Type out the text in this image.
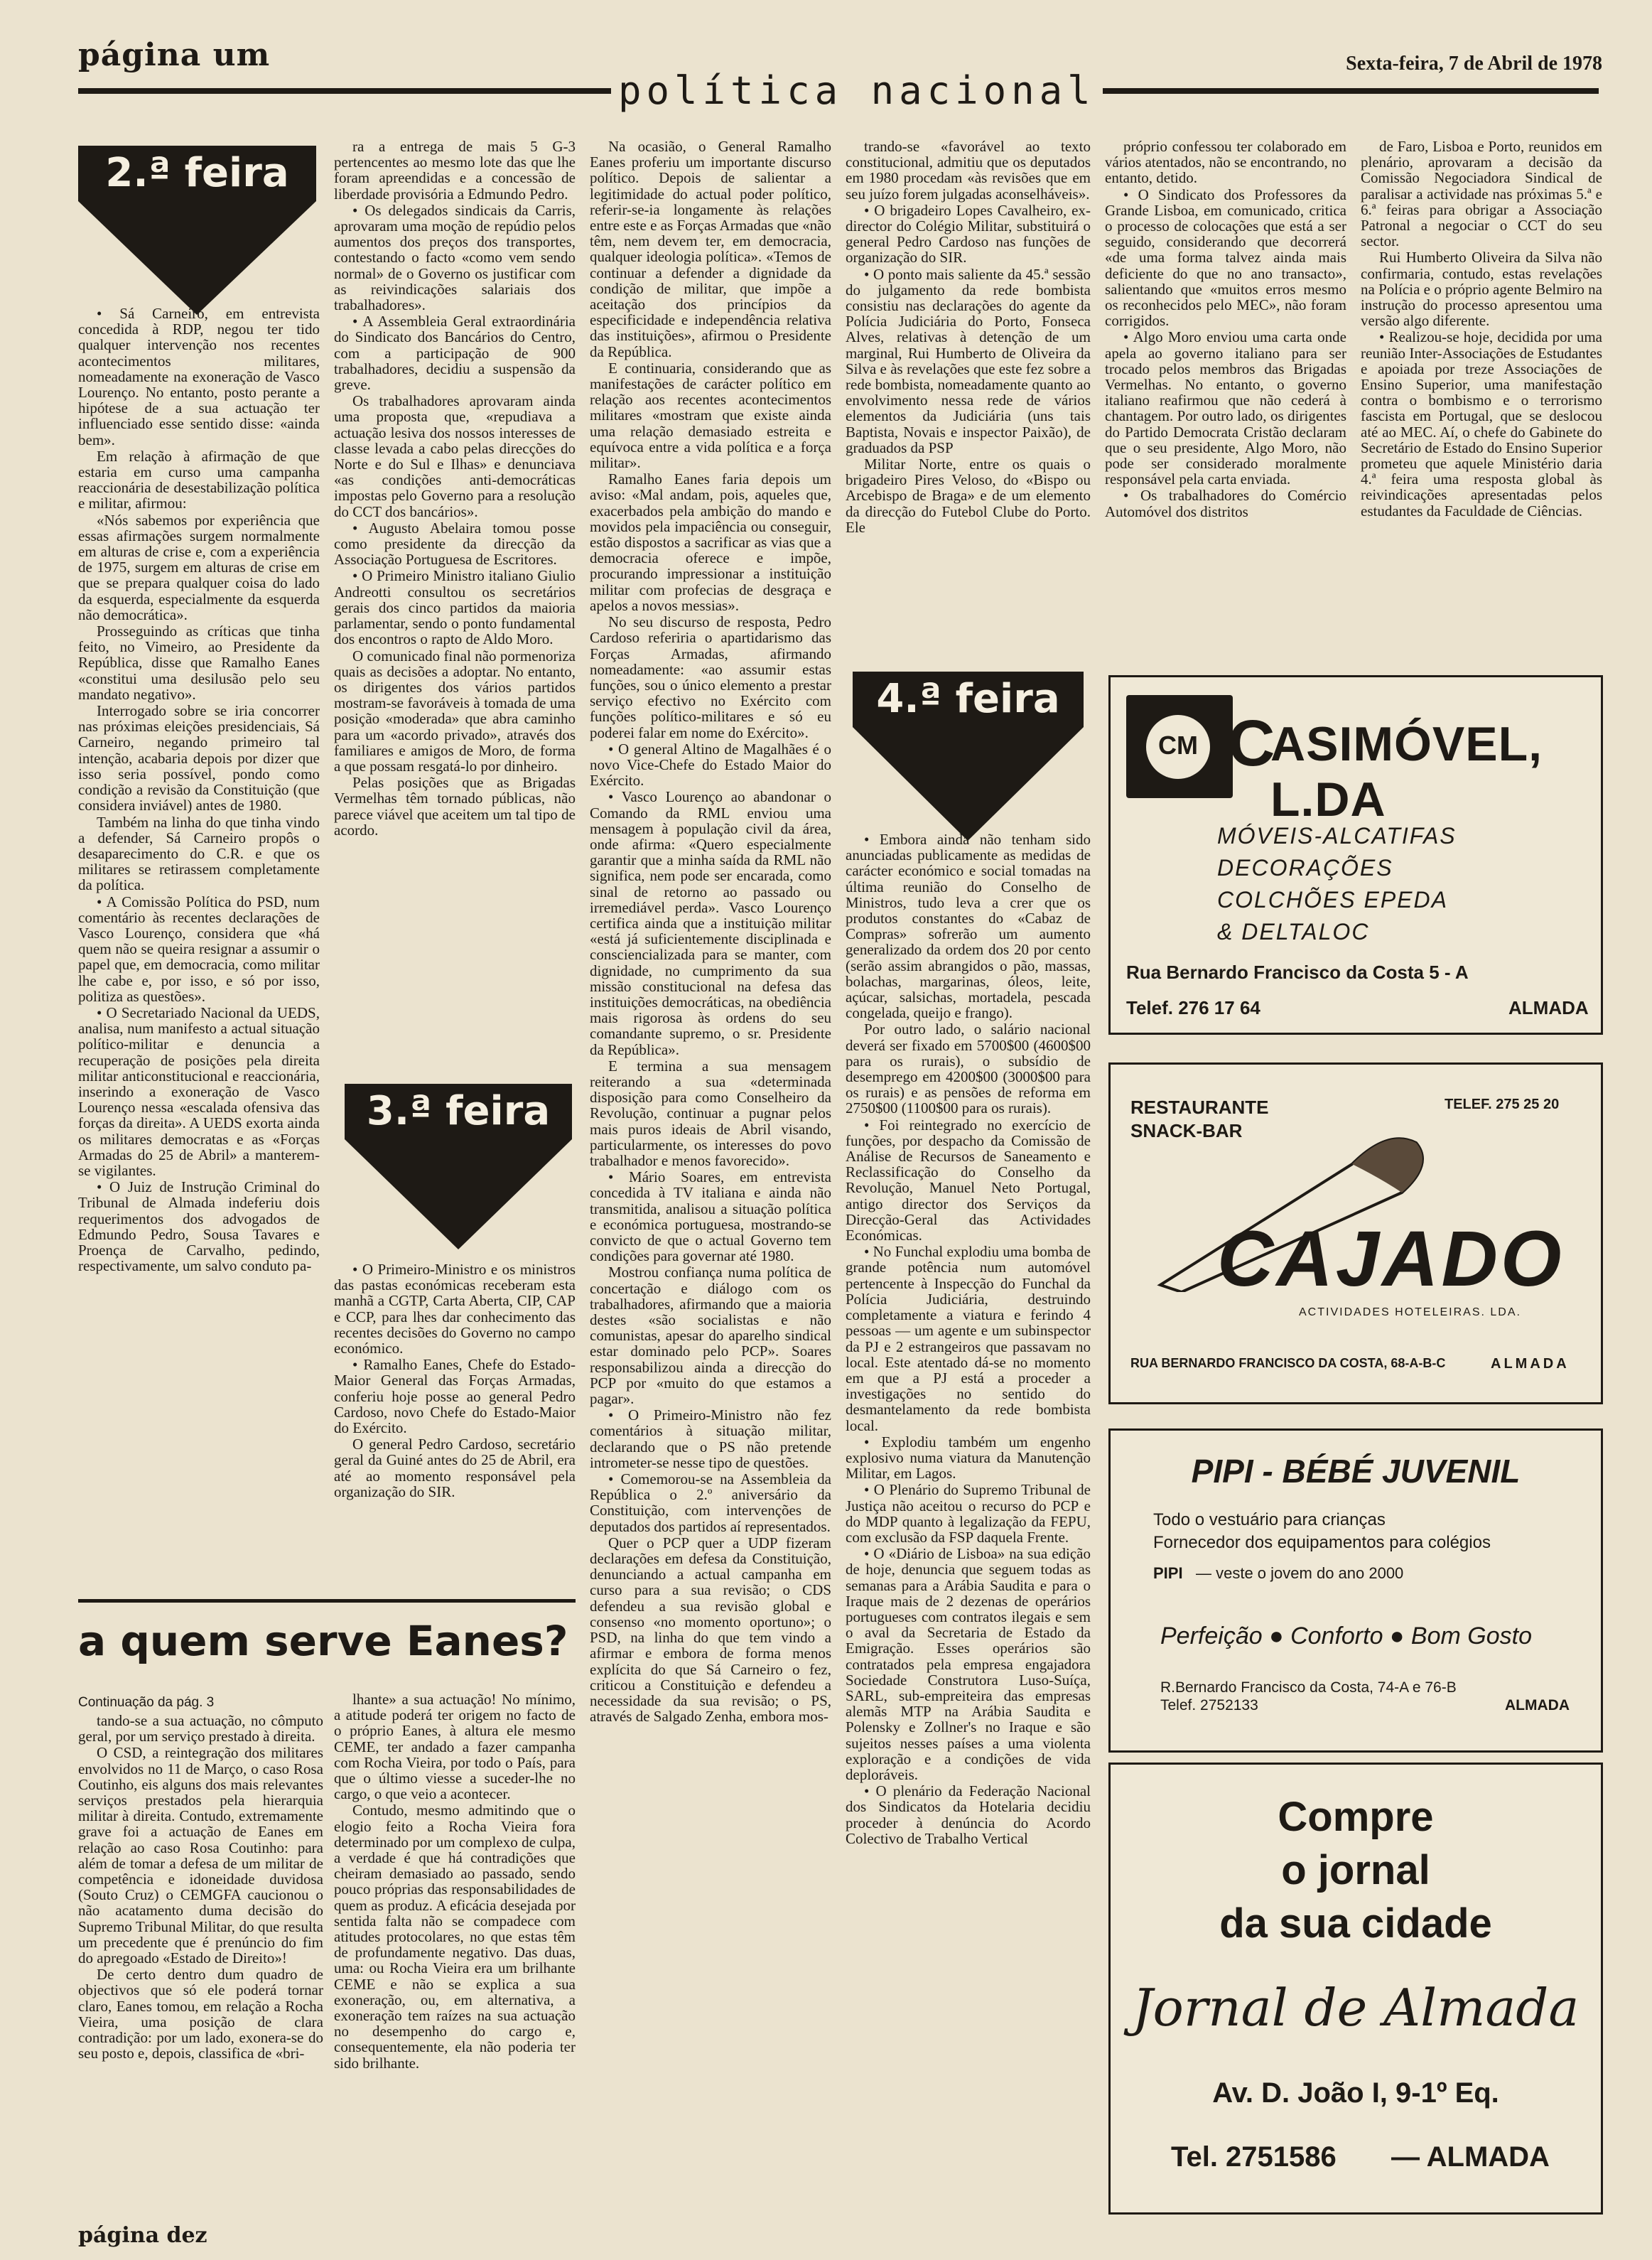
página um	Sexta-feira, 7 de Abril de 1978
política nacional
2.ª feira

• Sá Carneiro, em entrevista concedida à RDP, negou ter tido qualquer intervenção nos recentes acontecimentos militares, nomeadamente na exoneração de Vasco Lourenço. No entanto, posto perante a hipótese de a sua actuação ter influenciado esse sentido disse: «ainda bem».

Em relação à afirmação de que estaria em curso uma campanha reaccionária de desestabilização política e militar, afirmou:

«Nós sabemos por experiência que essas afirmações surgem normalmente em alturas de crise e, com a experiência de 1975, surgem em alturas de crise em que se prepara qualquer coisa do lado da esquerda, especialmente da esquerda não democrática».

Prosseguindo as críticas que tinha feito, no Vimeiro, ao Presidente da República, disse que Ramalho Eanes «constitui uma desilusão pelo seu mandato negativo».

Interrogado sobre se iria concorrer nas próximas eleições presidenciais, Sá Carneiro, negando primeiro tal intenção, acabaria depois por dizer que isso seria possível, pondo como condição a revisão da Constituição (que considera inviável) antes de 1980.

Também na linha do que tinha vindo a defender, Sá Carneiro propôs o desaparecimento do C.R. e que os militares se retirassem completamente da política.

• A Comissão Política do PSD, num comentário às recentes declarações de Vasco Lourenço, considera que «há quem não se queira resignar a assumir o papel que, em democracia, como militar lhe cabe e, por isso, e só por isso, politiza as questões».

• O Secretariado Nacional da UEDS, analisa, num manifesto a actual situação político-militar e denuncia a recuperação de posições pela direita militar anticonstitucional e reaccionária, inserindo a exoneração de Vasco Lourenço nessa «escalada ofensiva das forças da direita». A UEDS exorta ainda os militares democratas e as «Forças Armadas do 25 de Abril» a manterem-se vigilantes.

• O Juiz de Instrução Criminal do Tribunal de Almada indeferiu dois requerimentos dos advogados de Edmundo Pedro, Sousa Tavares e Proença de Carvalho, pedindo, respectivamente, um salvo conduto pa-

ra a entrega de mais 5 G-3 pertencentes ao mesmo lote das que lhe foram apreendidas e a concessão de liberdade provisória a Edmundo Pedro.

• Os delegados sindicais da Carris, aprovaram uma moção de repúdio pelos aumentos dos preços dos transportes, contestando o facto «como vem sendo normal» de o Governo os justificar com as reivindicações salariais dos trabalhadores».

• A Assembleia Geral extraordinária do Sindicato dos Bancários do Centro, com a participação de 900 trabalhadores, decidiu a suspensão da greve.

Os trabalhadores aprovaram ainda uma proposta que, «repudiava a actuação lesiva dos nossos interesses de classe levada a cabo pelas direcções do Norte e do Sul e Ilhas» e denunciava «as condições anti-democráticas impostas pelo Governo para a resolução do CCT dos bancários».

• Augusto Abelaira tomou posse como presidente da direcção da Associação Portuguesa de Escritores.

• O Primeiro Ministro italiano Giulio Andreotti consultou os secretários gerais dos cinco partidos da maioria parlamentar, sendo o ponto fundamental dos encontros o rapto de Aldo Moro.

O comunicado final não pormenoriza quais as decisões a adoptar. No entanto, os dirigentes dos vários partidos mostram-se favoráveis à tomada de uma posição «moderada» que abra caminho para um «acordo privado», através dos familiares e amigos de Moro, de forma a que possam resgatá-lo por dinheiro.

Pelas posições que as Brigadas Vermelhas têm tornado públicas, não parece viável que aceitem um tal tipo de acordo.

3.ª feira

• O Primeiro-Ministro e os ministros das pastas económicas receberam esta manhã a CGTP, Carta Aberta, CIP, CAP e CCP, para lhes dar conhecimento das recentes decisões do Governo no campo económico.

• Ramalho Eanes, Chefe do Estado-Maior General das Forças Armadas, conferiu hoje posse ao general Pedro Cardoso, novo Chefe do Estado-Maior do Exército.

O general Pedro Cardoso, secretário geral da Guiné antes do 25 de Abril, era até ao momento responsável pela organização do SIR.

Na ocasião, o General Ramalho Eanes proferiu um importante discurso político. Depois de salientar a legitimidade do actual poder político, referir-se-ia longamente às relações entre este e as Forças Armadas que «não têm, nem devem ter, em democracia, qualquer ideologia política». «Temos de continuar a defender a dignidade da condição de militar, que impõe a aceitação dos princípios da especificidade e independência relativa das instituições», afirmou o Presidente da República.

E continuaria, considerando que as manifestações de carácter político em relação aos recentes acontecimentos militares «mostram que existe ainda uma relação demasiado estreita e equívoca entre a vida política e a força militar».

Ramalho Eanes faria depois um aviso: «Mal andam, pois, aqueles que, exacerbados pela ambição do mando e movidos pela impaciência ou conseguir, estão dispostos a sacrificar as vias que a democracia oferece e impõe, procurando impressionar a instituição militar com profecias de desgraça e apelos a novos messias».

No seu discurso de resposta, Pedro Cardoso referiria o apartidarismo das Forças Armadas, afirmando nomeadamente: «ao assumir estas funções, sou o único elemento a prestar serviço efectivo no Exército com funções político-militares e só eu poderei falar em nome do Exército».

• O general Altino de Magalhães é o novo Vice-Chefe do Estado Maior do Exército.

• Vasco Lourenço ao abandonar o Comando da RML enviou uma mensagem à população civil da área, onde afirma: «Quero especialmente garantir que a minha saída da RML não significa, nem pode ser encarada, como sinal de retorno ao passado ou irremediável perda». Vasco Lourenço certifica ainda que a instituição militar «está já suficientemente disciplinada e consciencializada para se manter, com dignidade, no cumprimento da sua missão constitucional na defesa das instituições democráticas, na obediência mais rigorosa às ordens do seu comandante supremo, o sr. Presidente da República».

E termina a sua mensagem reiterando a sua «determinada disposição para como Conselheiro da Revolução, continuar a pugnar pelos mais puros ideais de Abril visando, particularmente, os interesses do povo trabalhador e menos favorecido».

• Mário Soares, em entrevista concedida à TV italiana e ainda não transmitida, analisou a situação política e económica portuguesa, mostrando-se convicto de que o actual Governo tem condições para governar até 1980.

Mostrou confiança numa política de concertação e diálogo com os trabalhadores, afirmando que a maioria destes «são socialistas e não comunistas, apesar do aparelho sindical estar dominado pelo PCP». Soares responsabilizou ainda a direcção do PCP por «muito do que estamos a pagar».

• O Primeiro-Ministro não fez comentários à situação militar, declarando que o PS não pretende intrometer-se nesse tipo de questões.

• Comemorou-se na Assembleia da República o 2.º aniversário da Constituição, com intervenções de deputados dos partidos aí representados.

Quer o PCP quer a UDP fizeram declarações em defesa da Constituição, denunciando a actual campanha em curso para a sua revisão; o CDS defendeu a sua revisão global e consenso «no momento oportuno»; o PSD, na linha do que tem vindo a afirmar e embora de forma menos explícita do que Sá Carneiro o fez, criticou a Constituição e defendeu a necessidade da sua revisão; o PS, através de Salgado Zenha, embora mos-

trando-se «favorável ao texto constitucional, admitiu que os deputados em 1980 procedam «às revisões que em seu juízo forem julgadas aconselháveis».

• O brigadeiro Lopes Cavalheiro, ex-director do Colégio Militar, substituirá o general Pedro Cardoso nas funções de organização do SIR.

• O ponto mais saliente da 45.ª sessão do julgamento da rede bombista consistiu nas declarações do agente da Polícia Judiciária do Porto, Fonseca Alves, relativas à detenção de um marginal, Rui Humberto de Oliveira da Silva e às revelações que este fez sobre a rede bombista, nomeadamente quanto ao envolvimento nessa rede de vários elementos da Judiciária (uns tais Baptista, Novais e inspector Paixão), de graduados da PSP

Militar Norte, entre os quais o brigadeiro Pires Veloso, do «Bispo ou Arcebispo de Braga» e de um elemento da direcção do Futebol Clube do Porto. Ele

próprio confessou ter colaborado em vários atentados, não se encontrando, no entanto, detido.

• O Sindicato dos Professores da Grande Lisboa, em comunicado, critica o processo de colocações que está a ser seguido, considerando que decorrerá «de uma forma talvez ainda mais deficiente do que no ano transacto», salientando que «muitos erros mesmo os reconhecidos pelo MEC», não foram corrigidos.

• Algo Moro enviou uma carta onde apela ao governo italiano para ser trocado pelos membros das Brigadas Vermelhas. No entanto, o governo italiano reafirmou que não cederá à chantagem. Por outro lado, os dirigentes do Partido Democrata Cristão declaram que o seu presidente, Algo Moro, não pode ser considerado moralmente responsável pela carta enviada.

• Os trabalhadores do Comércio Automóvel dos distritos

de Faro, Lisboa e Porto, reunidos em plenário, aprovaram a decisão da Comissão Negociadora Sindical de paralisar a actividade nas próximas 5.ª e 6.ª feiras para obrigar a Associação Patronal a negociar o CCT do seu sector.

Rui Humberto Oliveira da Silva não confirmaria, contudo, estas revelações na Polícia e o próprio agente Belmiro na instrução do processo apresentou uma versão algo diferente.

• Realizou-se hoje, decidida por uma reunião Inter-Associações de Estudantes e apoiada por treze Associações de Ensino Superior, uma manifestação contra o bombismo e o terrorismo fascista em Portugal, que se deslocou até ao MEC. Aí, o chefe do Gabinete do Secretário de Estado do Ensino Superior prometeu que aquele Ministério daria 4.ª feira uma resposta global às reivindicações apresentadas pelos estudantes da Faculdade de Ciências.

4.ª feira

• Embora ainda não tenham sido anunciadas publicamente as medidas de carácter económico e social tomadas na última reunião do Conselho de Ministros, tudo leva a crer que os produtos constantes do «Cabaz de Compras» sofrerão um aumento generalizado da ordem dos 20 por cento (serão assim abrangidos o pão, massas, bolachas, margarinas, óleos, leite, açúcar, salsichas, mortadela, pescada congelada, queijo e frango).

Por outro lado, o salário nacional deverá ser fixado em 5700$00 (4600$00 para os rurais), o subsídio de desemprego em 4200$00 (3000$00 para os rurais) e as pensões de reforma em 2750$00 (1100$00 para os rurais).

• Foi reintegrado no exercício de funções, por despacho da Comissão de Análise de Recursos de Saneamento e Reclassificação do Conselho da Revolução, Manuel Neto Portugal, antigo director dos Serviços da Direcção-Geral das Actividades Económicas.

• No Funchal explodiu uma bomba de grande potência num automóvel pertencente à Inspecção do Funchal da Polícia Judiciária, destruindo completamente a viatura e ferindo 4 pessoas — um agente e um subinspector da PJ e 2 estrangeiros que passavam no local. Este atentado dá-se no momento em que a PJ está a proceder a investigações no sentido do desmantelamento da rede bombista local.

• Explodiu também um engenho explosivo numa viatura da Manutenção Militar, em Lagos.

• O Plenário do Supremo Tribunal de Justiça não aceitou o recurso do PCP e do MDP quanto à legalização da FEPU, com exclusão da FSP daquela Frente.

• O «Diário de Lisboa» na sua edição de hoje, denuncia que seguem todas as semanas para a Arábia Saudita e para o Iraque mais de 2 dezenas de operários portugueses com contratos ilegais e sem o aval da Secretaria de Estado da Emigração. Esses operários são contratados pela empresa engajadora Sociedade Construtora Luso-Suíça, SARL, sub-empreiteira das empresas alemãs MTP na Arábia Saudita e Polensky e Zollner's no Iraque e são sujeitos nesses países a uma violenta exploração e a condições de vida deploráveis.

• O plenário da Federação Nacional dos Sindicatos da Hotelaria decidiu proceder à denúncia do Acordo Colectivo de Trabalho Vertical

a quem serve Eanes?
Continuação da pág. 3

tando-se a sua actuação, no cômputo geral, por um serviço prestado à direita.

O CSD, a reintegração dos militares envolvidos no 11 de Março, o caso Rosa Coutinho, eis alguns dos mais relevantes serviços prestados pela hierarquia militar à direita. Contudo, extremamente grave foi a actuação de Eanes em relação ao caso Rosa Coutinho: para além de tomar a defesa de um militar de competência e idoneidade duvidosa (Souto Cruz) o CEMGFA caucionou o não acatamento duma decisão do Supremo Tribunal Militar, do que resulta um precedente que é prenúncio do fim do apregoado «Estado de Direito»!

De certo dentro dum quadro de objectivos que só ele poderá tornar claro, Eanes tomou, em relação a Rocha Vieira, uma posição de clara contradição: por um lado, exonera-se do seu posto e, depois, classifica de «bri-

lhante» a sua actuação! No mínimo, a atitude poderá ter origem no facto de o próprio Eanes, à altura ele mesmo CEME, ter andado a fazer campanha com Rocha Vieira, por todo o País, para que o último viesse a suceder-lhe no cargo, o que veio a acontecer.

Contudo, mesmo admitindo que o elogio feito a Rocha Vieira fora determinado por um complexo de culpa, a verdade é que há contradições que cheiram demasiado ao passado, sendo pouco próprias das responsabilidades de quem as produz. A eficácia desejada por sentida falta não se compadece com atitudes protocolares, no que estas têm de profundamente negativo. Das duas, uma: ou Rocha Vieira era um brilhante CEME e não se explica a sua exoneração, ou, em alternativa, a exoneração tem raízes na sua actuação no desempenho do cargo e, consequentemente, ela não poderia ter sido brilhante.

página dez
CM C
ASIMÓVEL, L.DA
MÓVEIS-ALCATIFAS
DECORAÇÕES
COLCHÕES EPEDA
& DELTALOC
Rua Bernardo Francisco da Costa 5 - A
Telef. 276 17 64	ALMADA
RESTAURANTE
SNACK-BAR
TELEF. 275 25 20
CAJADO
ACTIVIDADES HOTELEIRAS. LDA.
RUA BERNARDO FRANCISCO DA COSTA, 68-A-B-C	ALMADA
PIPI - BÉBÉ JUVENIL
Todo o vestuário para crianças
Fornecedor dos equipamentos para colégios
PIPI — veste o jovem do ano 2000
Perfeição ● Conforto ● Bom Gosto
R.Bernardo Francisco da Costa, 74-A e 76-B
Telef. 2752133	ALMADA
Compre
o jornal
da sua cidade
Jornal de Almada
Av. D. João I, 9-1º Eq.
Tel. 2751586 — ALMADA
